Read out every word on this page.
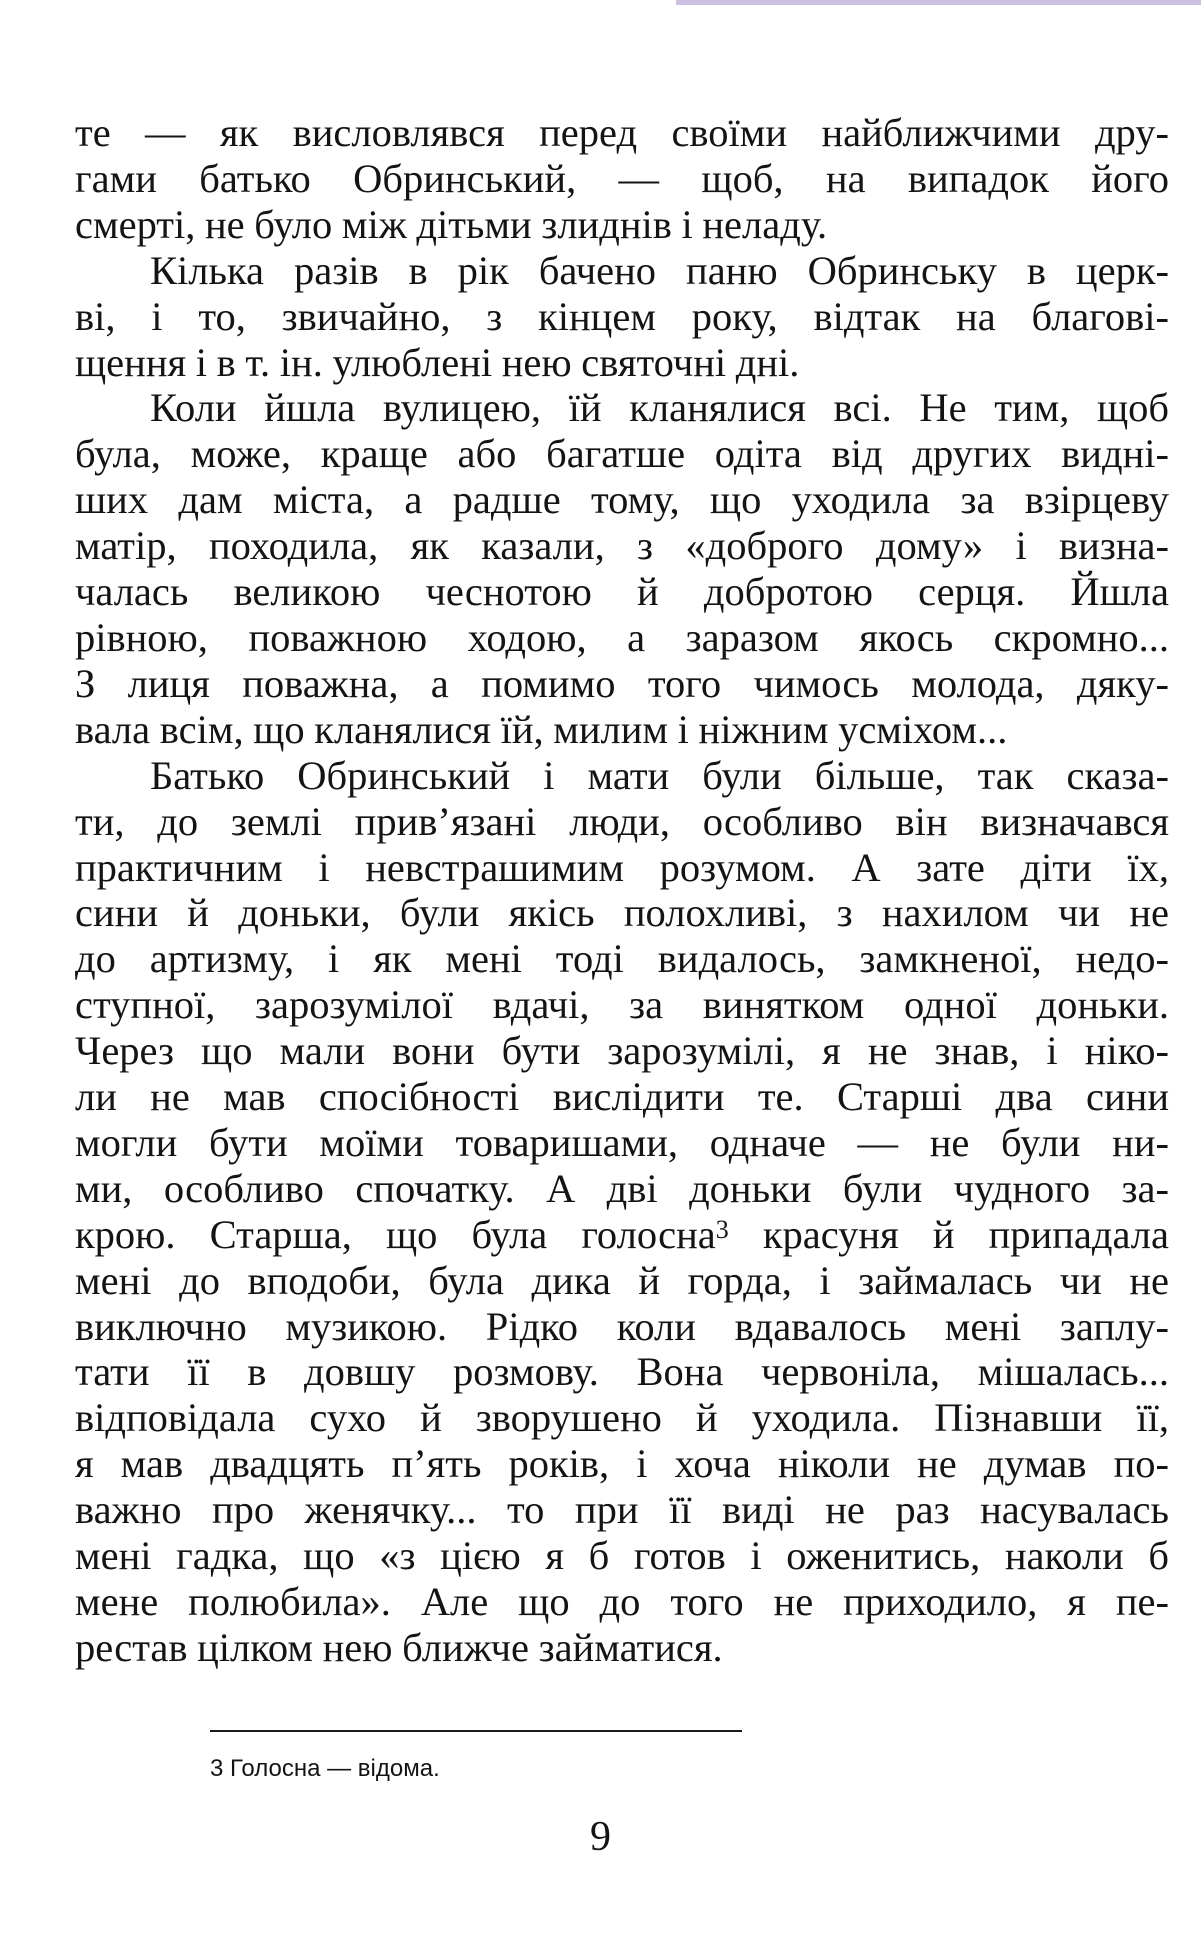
те — як висловлявся перед своїми найближчими дру-
гами батько Обринський, — щоб, на випадок його
смерті, не було між дітьми злиднів і неладу.

Кілька разів в рік бачено паню Обринську в церк-
ві, і то, звичайно, з кінцем року, відтак на благові-
щення і в т. ін. улюблені нею святочні дні.

Коли йшла вулицею, їй кланялися всі. Не тим, щоб
була, може, краще або багатше одіта від других видні-
ших дам міста, а радше тому, що уходила за взірцеву
матір, походила, як казали, з «доброго дому» і визна-
чалась великою чеснотою й добротою серця. Йшла
рівною, поважною ходою, а заразом якось скромно...
З лиця поважна, а помимо того чимось молода, дяку-
вала всім, що кланялися їй, милим і ніжним усміхом...

Батько Обринський і мати були більше, так сказа-
ти, до землі прив’язані люди, особливо він визначався
практичним і невстрашимим розумом. А зате діти їх,
сини й доньки, були якісь полохливі, з нахилом чи не
до артизму, і як мені тоді видалось, замкненої, недо-
ступної, зарозумілої вдачі, за винятком одної доньки.
Через що мали вони бути зарозумілі, я не знав, і ніко-
ли не мав спосібності вислідити те. Старші два сини
могли бути моїми товаришами, одначе — не були ни-
ми, особливо спочатку. А дві доньки були чудного за-
крою. Старша, що була голосна$^3$ красуня й припадала
мені до вподоби, була дика й горда, і займалась чи не
виключно музикою. Рідко коли вдавалось мені заплу-
тати її в довшу розмову. Вона червоніла, мішалась...
відповідала сухо й зворушено й уходила. Пізнавши її,
я мав двадцять п’ять років, і хоча ніколи не думав по-
важно про женячку... то при її виді не раз насувалась
мені гадка, що «з цією я б готов і оженитись, наколи б
мене полюбила». Але що до того не приходило, я пе-
рестав цілком нею ближче займатися.

3 Голосна — відома.
9
